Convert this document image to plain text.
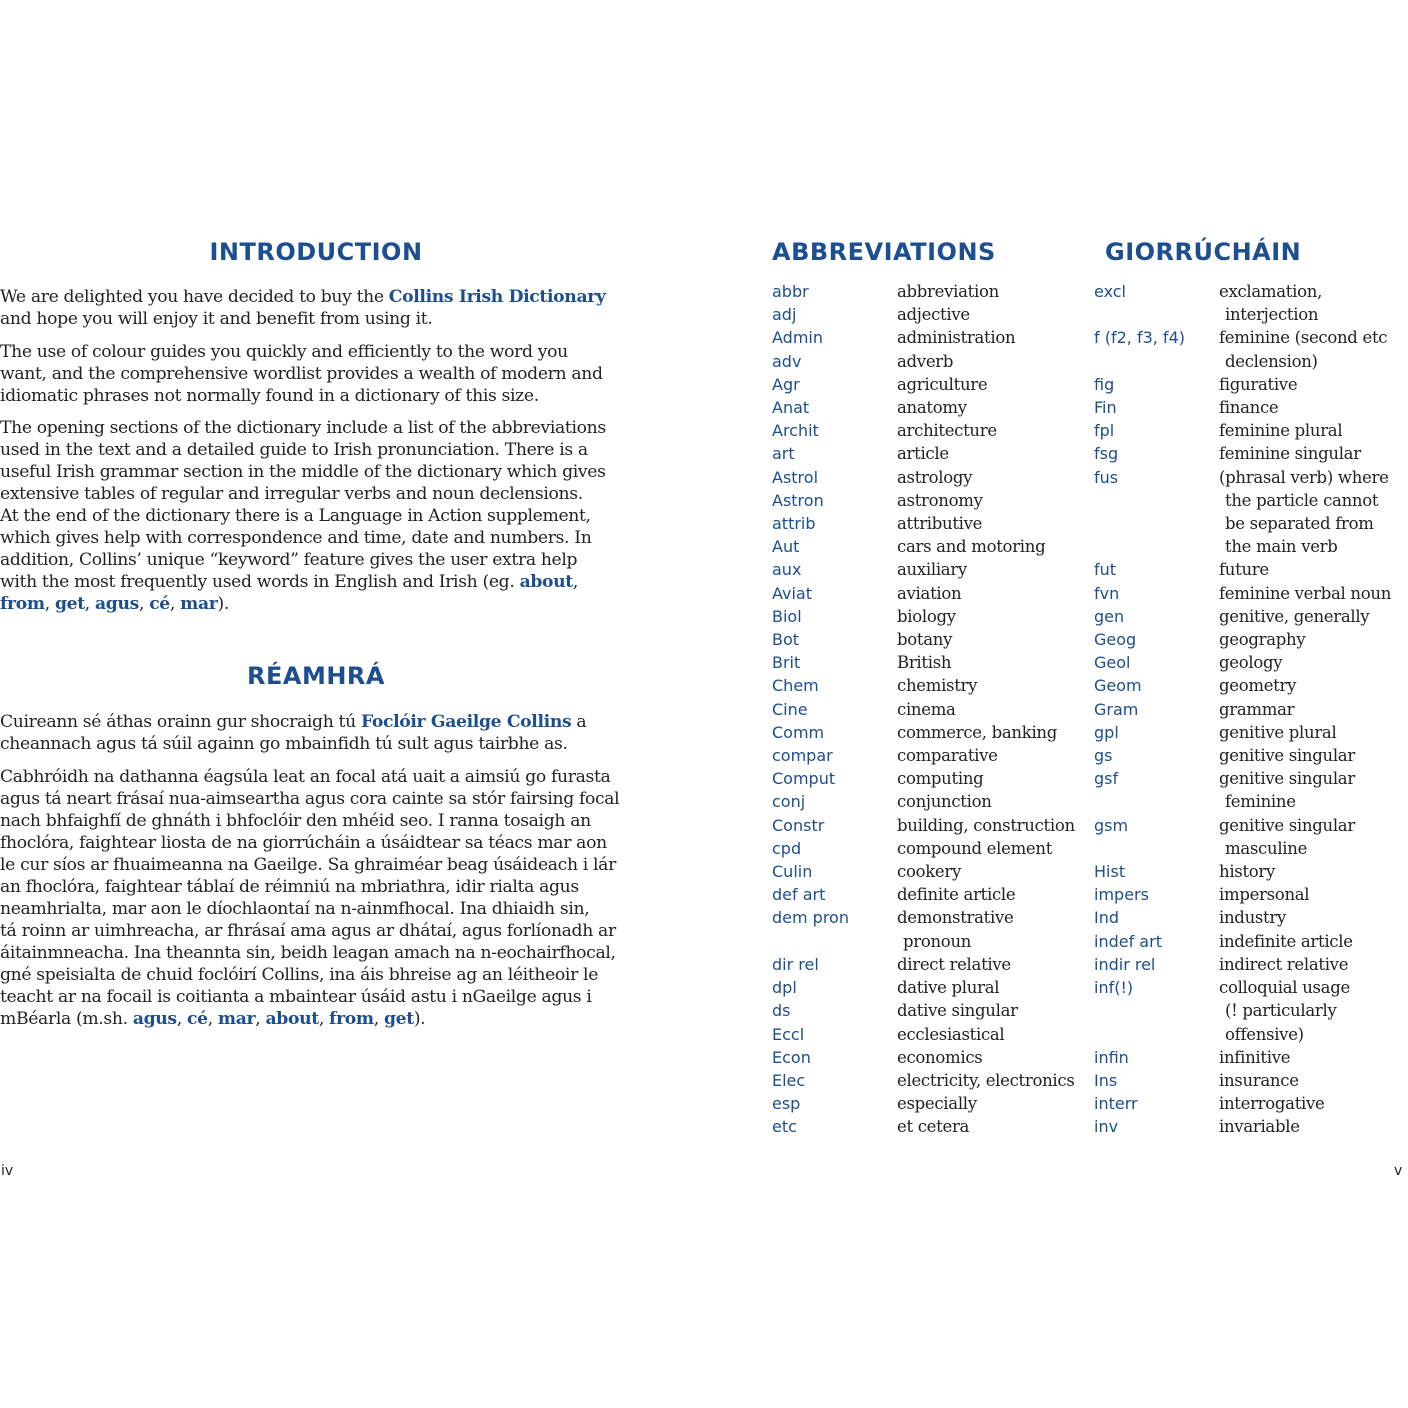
INTRODUCTION

We are delighted you have decided to buy the Collins Irish Dictionary
and hope you will enjoy it and benefit from using it.

The use of colour guides you quickly and efficiently to the word you
want, and the comprehensive wordlist provides a wealth of modern and
idiomatic phrases not normally found in a dictionary of this size.

The opening sections of the dictionary include a list of the abbreviations
used in the text and a detailed guide to Irish pronunciation. There is a
useful Irish grammar section in the middle of the dictionary which gives
extensive tables of regular and irregular verbs and noun declensions.
At the end of the dictionary there is a Language in Action supplement,
which gives help with correspondence and time, date and numbers. In
addition, Collins’ unique “keyword” feature gives the user extra help
with the most frequently used words in English and Irish (eg. about,
from, get, agus, cé, mar).

RÉAMHRÁ

Cuireann sé áthas orainn gur shocraigh tú Foclóir Gaeilge Collins a
cheannach agus tá súil againn go mbainfidh tú sult agus tairbhe as.

Cabhróidh na dathanna éagsúla leat an focal atá uait a aimsiú go furasta
agus tá neart frásaí nua-aimseartha agus cora cainte sa stór fairsing focal
nach bhfaighfí de ghnáth i bhfoclóir den mhéid seo. I ranna tosaigh an
fhoclóra, faightear liosta de na giorrúcháin a úsáidtear sa téacs mar aon
le cur síos ar fhuaimeanna na Gaeilge. Sa ghraiméar beag úsáideach i lár
an fhoclóra, faightear táblaí de réimniú na mbriathra, idir rialta agus
neamhrialta, mar aon le díochlaontaí na n-ainmfhocal. Ina dhiaidh sin,
tá roinn ar uimhreacha, ar fhrásaí ama agus ar dhátaí, agus forlíonadh ar
áitainmneacha. Ina theannta sin, beidh leagan amach na n-eochairfhocal,
gné speisialta de chuid foclóirí Collins, ina áis bhreise ag an léitheoir le
teacht ar na focail is coitianta a mbaintear úsáid astu i nGaeilge agus i
mBéarla (m.sh. agus, cé, mar, about, from, get).

ABBREVIATIONS	GIORRÚCHÁIN
abbr	abbreviation
adj	adjective
Admin	administration
adv	adverb
Agr	agriculture
Anat	anatomy
Archit	architecture
art	article
Astrol	astrology
Astron	astronomy
attrib	attributive
Aut	cars and motoring
aux	auxiliary
Aviat	aviation
Biol	biology
Bot	botany
Brit	British
Chem	chemistry
Cine	cinema
Comm	commerce, banking
compar	comparative
Comput	computing
conj	conjunction
Constr	building, construction
cpd	compound element
Culin	cookery
def art	definite article
dem pron	demonstrative
pronoun
dir rel	direct relative
dpl	dative plural
ds	dative singular
Eccl	ecclesiastical
Econ	economics
Elec	electricity, electronics
esp	especially
etc	et cetera
excl	exclamation,
interjection
f (f2, f3, f4) feminine (second etc
declension)
fig	figurative
Fin	finance
fpl	feminine plural
fsg	feminine singular
fus	(phrasal verb) where
the particle cannot
be separated from
the main verb
fut	future
fvn	feminine verbal noun
gen	genitive, generally
Geog	geography
Geol	geology
Geom	geometry
Gram	grammar
gpl	genitive plural
gs	genitive singular
gsf	genitive singular
feminine
gsm	genitive singular
masculine
Hist	history
impers	impersonal
Ind	industry
indef art	indefinite article
indir rel	indirect relative
inf(!)	colloquial usage
(! particularly
offensive)
infin	infinitive
Ins	insurance
interr	interrogative
inv	invariable
iv	v
